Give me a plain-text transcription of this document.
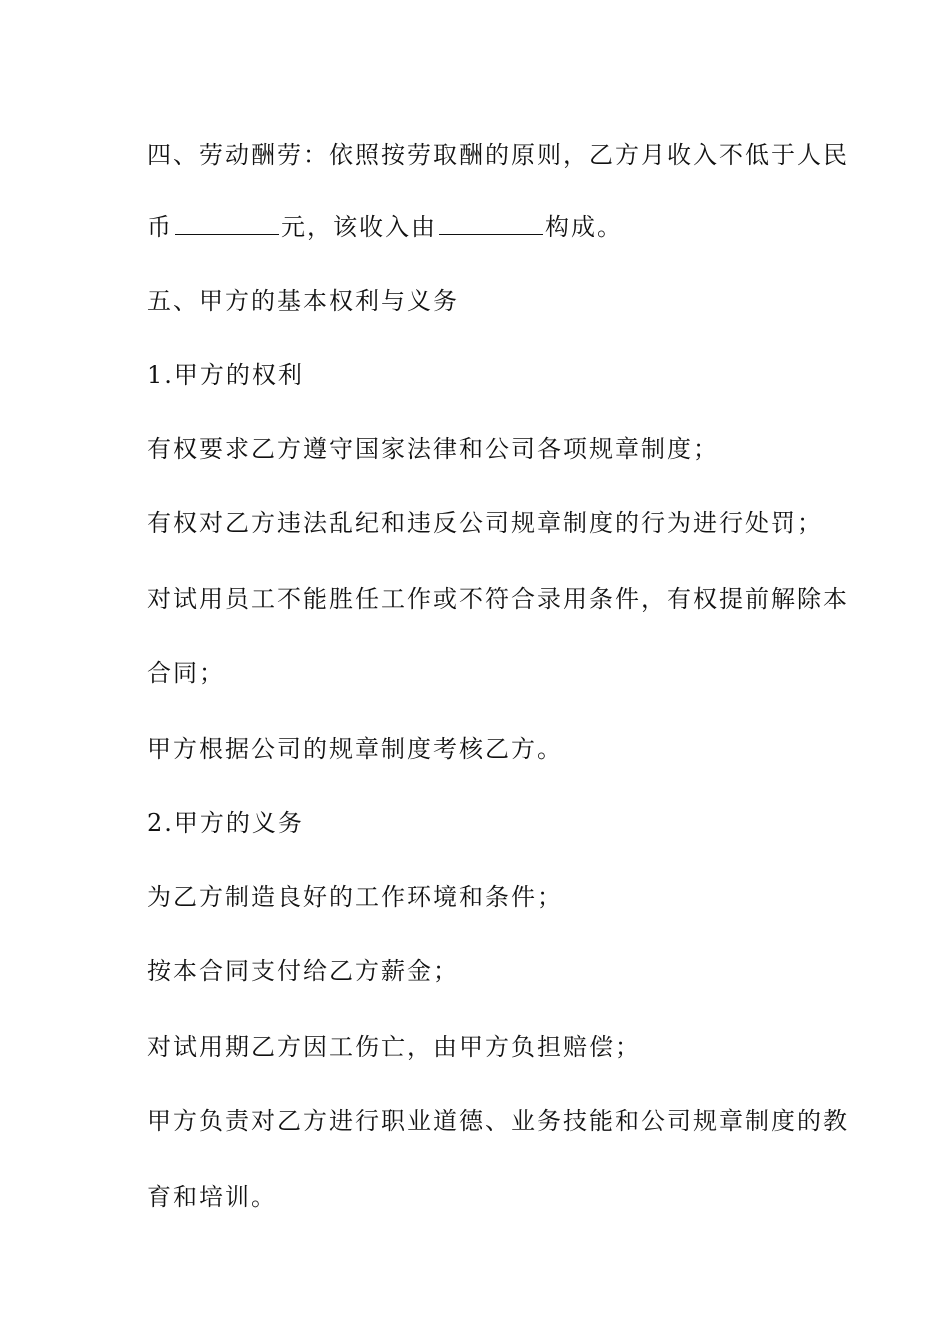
四、劳动酬劳：依照按劳取酬的原则，乙方月收入不低于人民
币	元，该收入由	构成。
五、甲方的基本权利与义务
1.甲方的权利
有权要求乙方遵守国家法律和公司各项规章制度；
有权对乙方违法乱纪和违反公司规章制度的行为进行处罚；
对试用员工不能胜任工作或不符合录用条件，有权提前解除本
合同；
甲方根据公司的规章制度考核乙方。
2.甲方的义务
为乙方制造良好的工作环境和条件；
按本合同支付给乙方薪金；
对试用期乙方因工伤亡，由甲方负担赔偿；
甲方负责对乙方进行职业道德、业务技能和公司规章制度的教
育和培训。
